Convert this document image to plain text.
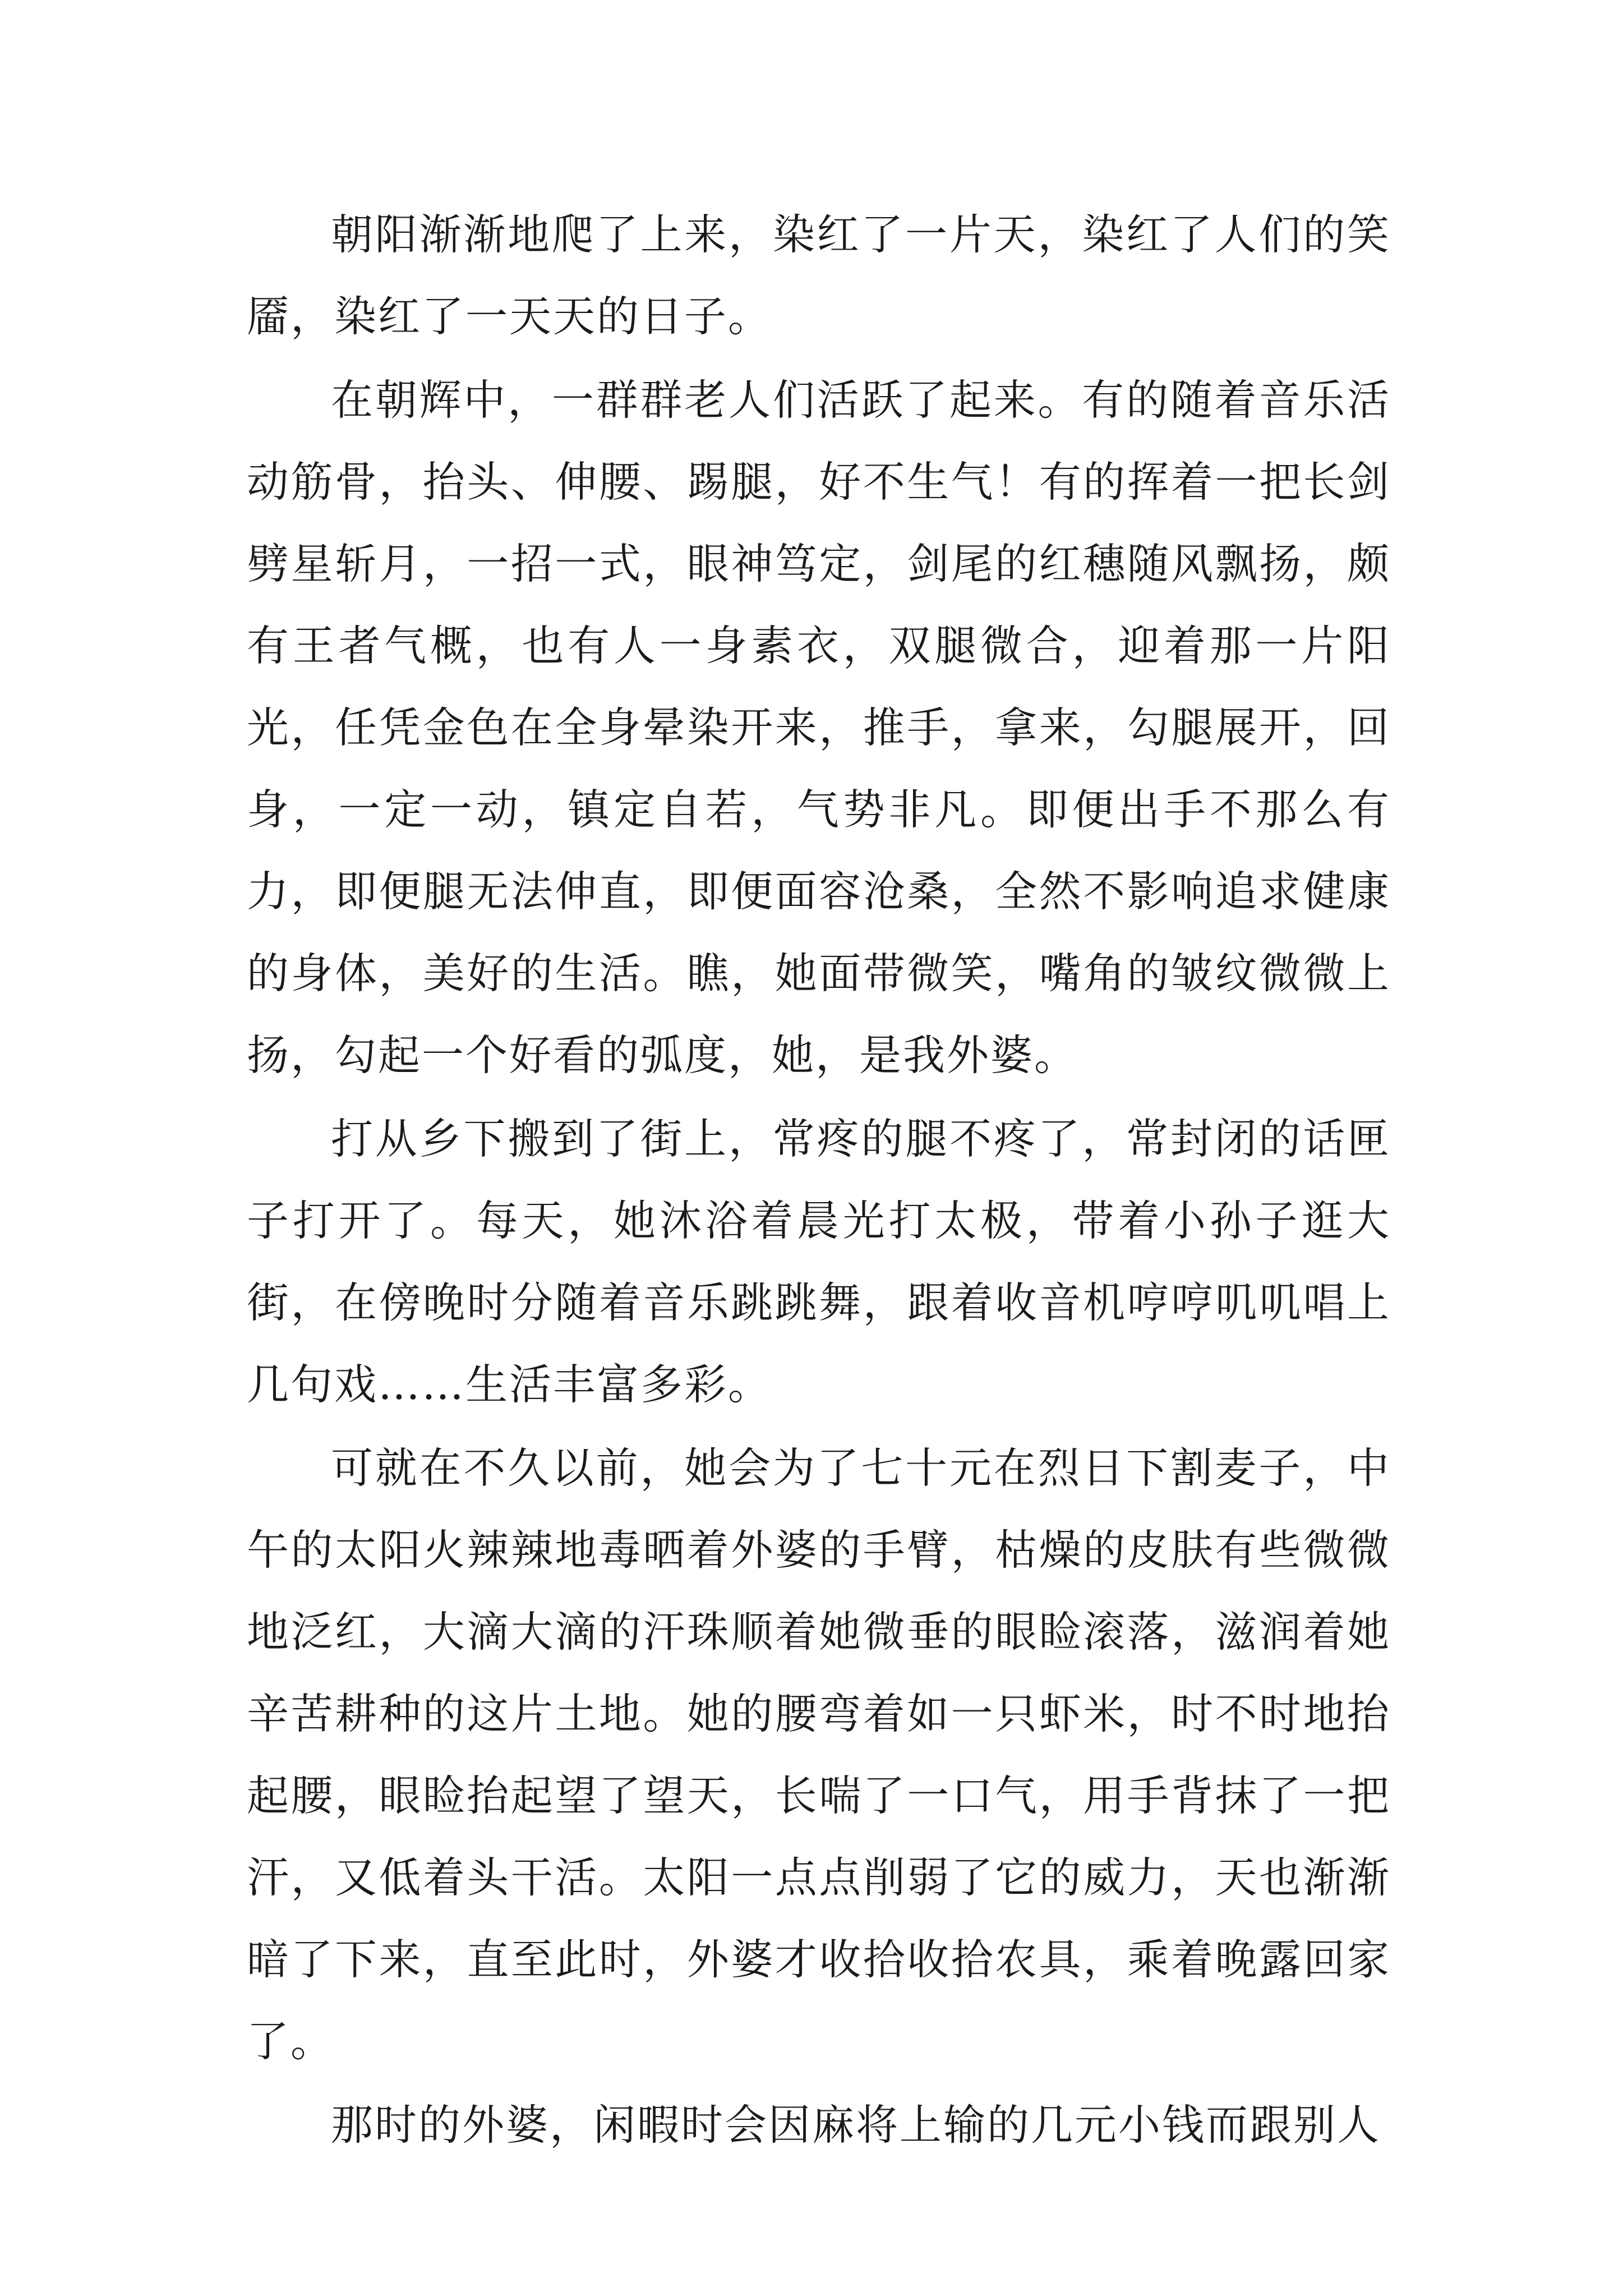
朝阳渐渐地爬了上来，染红了一片天，染红了人们的笑靥，染红了一天天的日子。

在朝辉中，一群群老人们活跃了起来。有的随着音乐活动筋骨，抬头、伸腰、踢腿，好不生气！有的挥着一把长剑劈星斩月，一招一式，眼神笃定，剑尾的红穗随风飘扬，颇有王者气概，也有人一身素衣，双腿微合，迎着那一片阳光，任凭金色在全身晕染开来，推手，拿来，勾腿展开，回身，一定一动，镇定自若，气势非凡。即便出手不那么有力，即便腿无法伸直，即便面容沧桑，全然不影响追求健康的身体，美好的生活。瞧，她面带微笑，嘴角的皱纹微微上扬，勾起一个好看的弧度，她，是我外婆。

打从乡下搬到了街上，常疼的腿不疼了，常封闭的话匣子打开了。每天，她沐浴着晨光打太极，带着小孙子逛大街，在傍晚时分随着音乐跳跳舞，跟着收音机哼哼叽叽唱上几句戏……生活丰富多彩。

可就在不久以前，她会为了七十元在烈日下割麦子，中午的太阳火辣辣地毒晒着外婆的手臂，枯燥的皮肤有些微微地泛红，大滴大滴的汗珠顺着她微垂的眼睑滚落，滋润着她辛苦耕种的这片土地。她的腰弯着如一只虾米，时不时地抬起腰，眼睑抬起望了望天，长喘了一口气，用手背抹了一把汗，又低着头干活。太阳一点点削弱了它的威力，天也渐渐暗了下来，直至此时，外婆才收拾收拾农具，乘着晚露回家了。

那时的外婆，闲暇时会因麻将上输的几元小钱而跟别人
